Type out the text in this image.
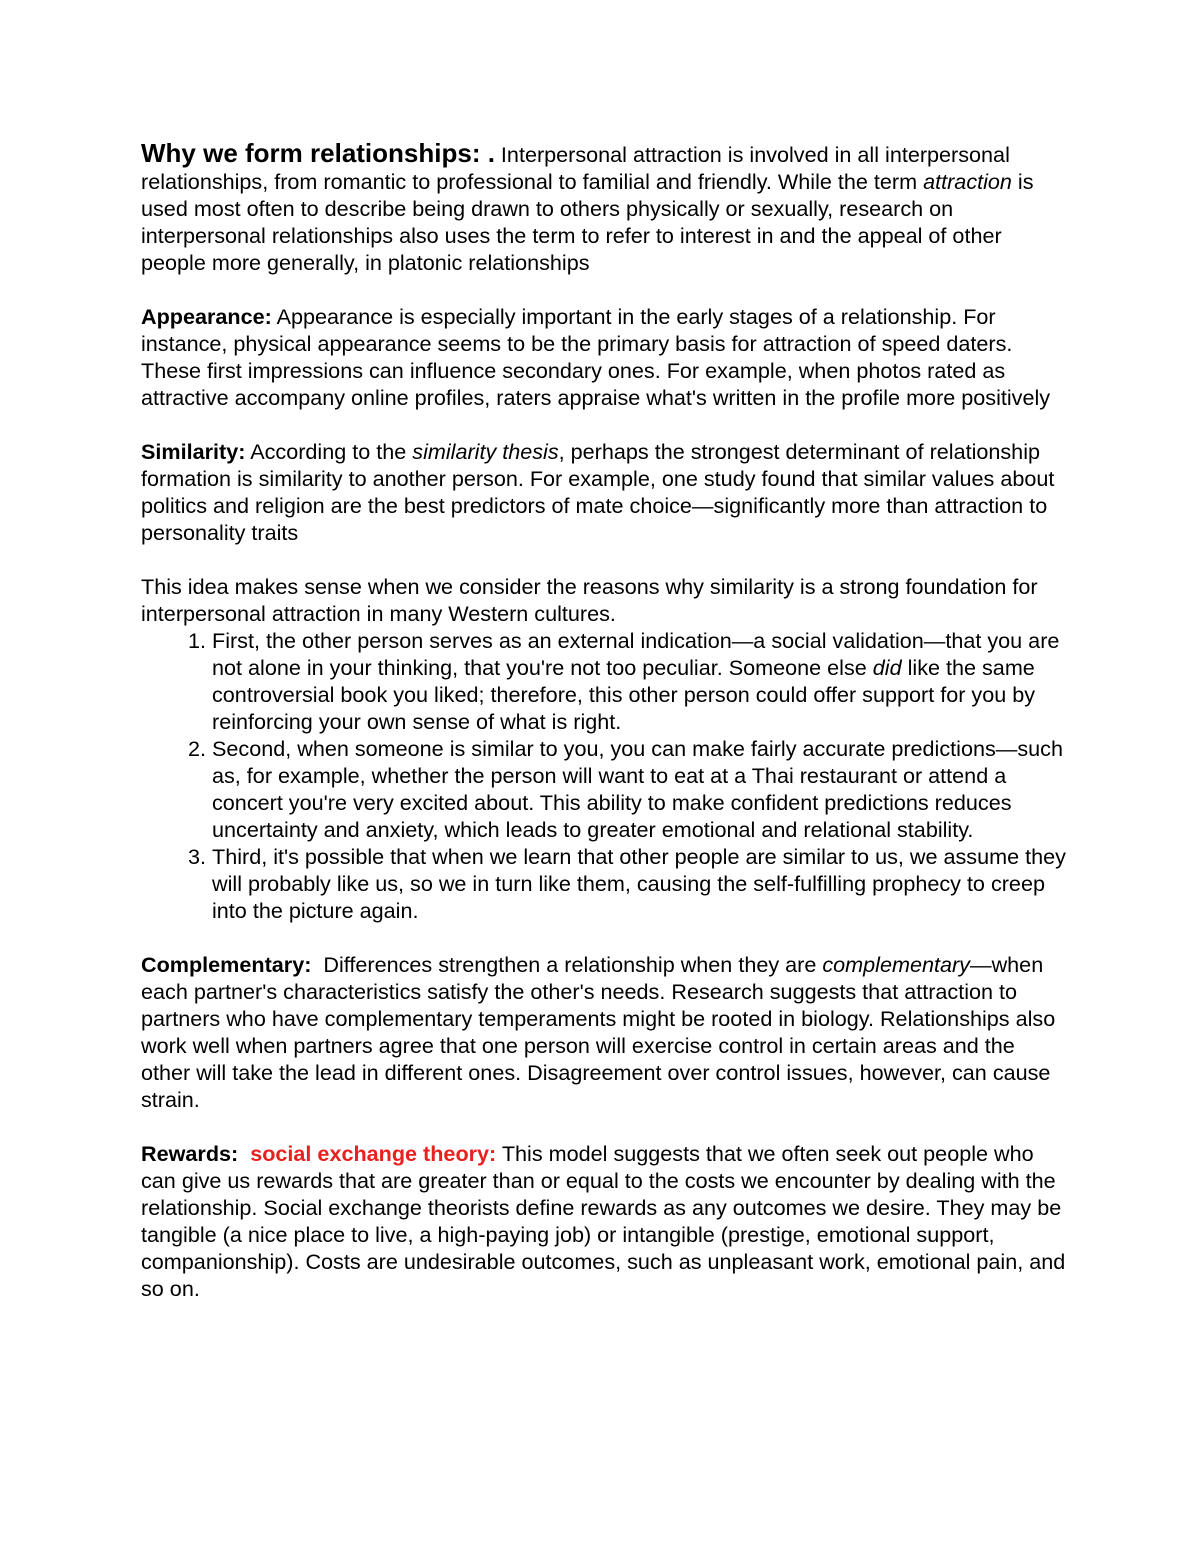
Why we form relationships: . Interpersonal attraction is involved in all interpersonal relationships, from romantic to professional to familial and friendly. While the term attraction is used most often to describe being drawn to others physically or sexually, research on interpersonal relationships also uses the term to refer to interest in and the appeal of other people more generally, in platonic relationships

Appearance: Appearance is especially important in the early stages of a relationship. For instance, physical appearance seems to be the primary basis for attraction of speed daters. These first impressions can influence secondary ones. For example, when photos rated as attractive accompany online profiles, raters appraise what's written in the profile more positively

Similarity: According to the similarity thesis, perhaps the strongest determinant of relationship formation is similarity to another person. For example, one study found that similar values about politics and religion are the best predictors of mate choice—significantly more than attraction to personality traits

This idea makes sense when we consider the reasons why similarity is a strong foundation for interpersonal attraction in many Western cultures.

1. First, the other person serves as an external indication—a social validation—that you are not alone in your thinking, that you're not too peculiar. Someone else did like the same controversial book you liked; therefore, this other person could offer support for you by reinforcing your own sense of what is right.
2. Second, when someone is similar to you, you can make fairly accurate predictions—such as, for example, whether the person will want to eat at a Thai restaurant or attend a concert you're very excited about. This ability to make confident predictions reduces uncertainty and anxiety, which leads to greater emotional and relational stability.
3. Third, it's possible that when we learn that other people are similar to us, we assume they will probably like us, so we in turn like them, causing the self-fulfilling prophecy to creep into the picture again.

Complementary:  Differences strengthen a relationship when they are complementary—when each partner's characteristics satisfy the other's needs. Research suggests that attraction to partners who have complementary temperaments might be rooted in biology. Relationships also work well when partners agree that one person will exercise control in certain areas and the other will take the lead in different ones. Disagreement over control issues, however, can cause strain.

Rewards: social exchange theory: This model suggests that we often seek out people who can give us rewards that are greater than or equal to the costs we encounter by dealing with the relationship. Social exchange theorists define rewards as any outcomes we desire. They may be tangible (a nice place to live, a high-paying job) or intangible (prestige, emotional support, companionship). Costs are undesirable outcomes, such as unpleasant work, emotional pain, and so on.
